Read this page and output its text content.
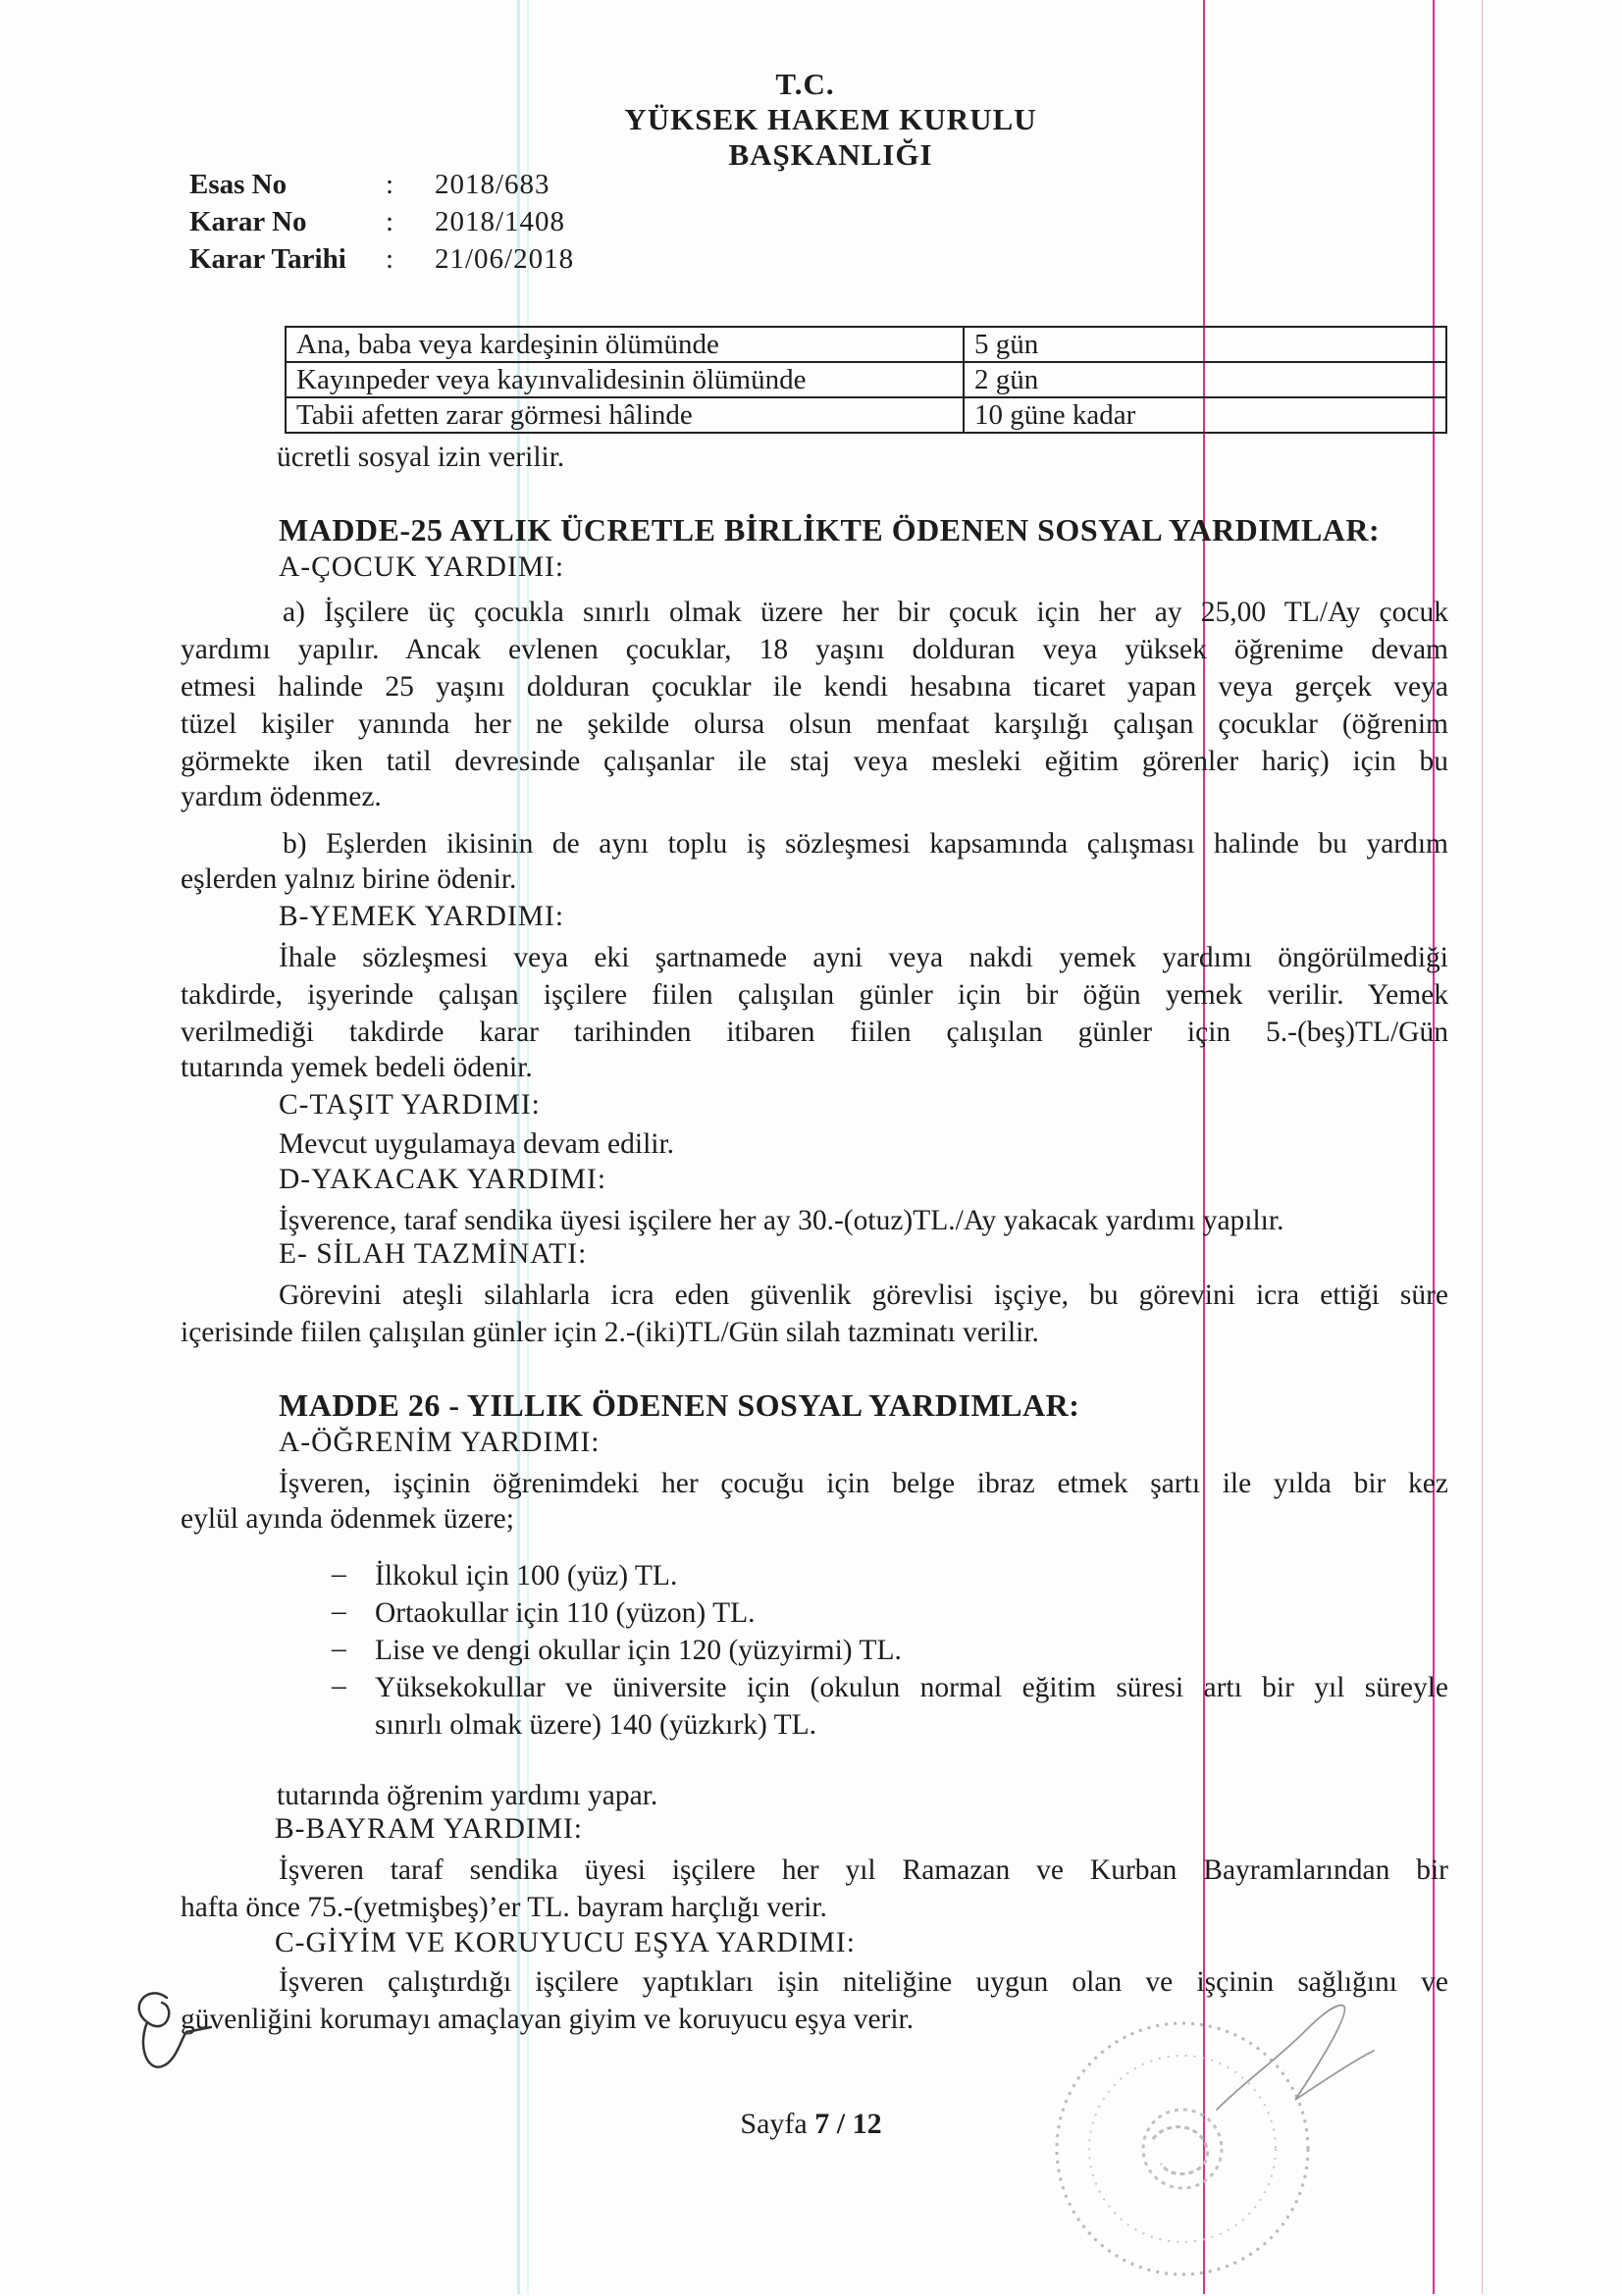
T.C.
YÜKSEK HAKEM KURULU
BAŞKANLIĞI
Esas No	: 2018/683
Karar No	: 2018/1408
Karar Tarihi	: 21/06/2018
Ana, baba veya kardeşinin ölümünde	5 gün
Kayınpeder veya kayınvalidesinin ölümünde	2 gün
Tabii afetten zarar görmesi hâlinde	10 güne kadar
ücretli sosyal izin verilir.
MADDE-25 AYLIK ÜCRETLE BİRLİKTE ÖDENEN SOSYAL YARDIMLAR:
A-ÇOCUK YARDIMI:
a) İşçilere üç çocukla sınırlı olmak üzere her bir çocuk için her ay 25,00 TL/Ay çocuk
yardımı yapılır. Ancak evlenen çocuklar, 18 yaşını dolduran veya yüksek öğrenime devam
etmesi halinde 25 yaşını dolduran çocuklar ile kendi hesabına ticaret yapan veya gerçek veya
tüzel kişiler yanında her ne şekilde olursa olsun menfaat karşılığı çalışan çocuklar (öğrenim
görmekte iken tatil devresinde çalışanlar ile staj veya mesleki eğitim görenler hariç) için bu
yardım ödenmez.
b) Eşlerden ikisinin de aynı toplu iş sözleşmesi kapsamında çalışması halinde bu yardım
eşlerden yalnız birine ödenir.
B-YEMEK YARDIMI:
İhale sözleşmesi veya eki şartnamede ayni veya nakdi yemek yardımı öngörülmediği
takdirde, işyerinde çalışan işçilere fiilen çalışılan günler için bir öğün yemek verilir. Yemek
verilmediği takdirde karar tarihinden itibaren fiilen çalışılan günler için 5.-(beş)TL/Gün
tutarında yemek bedeli ödenir.
C-TAŞIT YARDIMI:
Mevcut uygulamaya devam edilir.
D-YAKACAK YARDIMI:
İşverence, taraf sendika üyesi işçilere her ay 30.-(otuz)TL./Ay yakacak yardımı yapılır.
E- SİLAH TAZMİNATI:
Görevini ateşli silahlarla icra eden güvenlik görevlisi işçiye, bu görevini icra ettiği süre
içerisinde fiilen çalışılan günler için 2.-(iki)TL/Gün silah tazminatı verilir.
MADDE 26 - YILLIK ÖDENEN SOSYAL YARDIMLAR:
A-ÖĞRENİM YARDIMI:
İşveren, işçinin öğrenimdeki her çocuğu için belge ibraz etmek şartı ile yılda bir kez
eylül ayında ödenmek üzere;
– İlkokul için 100 (yüz) TL.
– Ortaokullar için 110 (yüzon) TL.
– Lise ve dengi okullar için 120 (yüzyirmi) TL.
– Yüksekokullar ve üniversite için (okulun normal eğitim süresi artı bir yıl süreyle
sınırlı olmak üzere) 140 (yüzkırk) TL.
tutarında öğrenim yardımı yapar.
B-BAYRAM YARDIMI:
İşveren taraf sendika üyesi işçilere her yıl Ramazan ve Kurban Bayramlarından bir
hafta önce 75.-(yetmişbeş)’er TL. bayram harçlığı verir.
C-GİYİM VE KORUYUCU EŞYA YARDIMI:
İşveren çalıştırdığı işçilere yaptıkları işin niteliğine uygun olan ve işçinin sağlığını ve
güvenliğini korumayı amaçlayan giyim ve koruyucu eşya verir.
Sayfa 7 / 12
